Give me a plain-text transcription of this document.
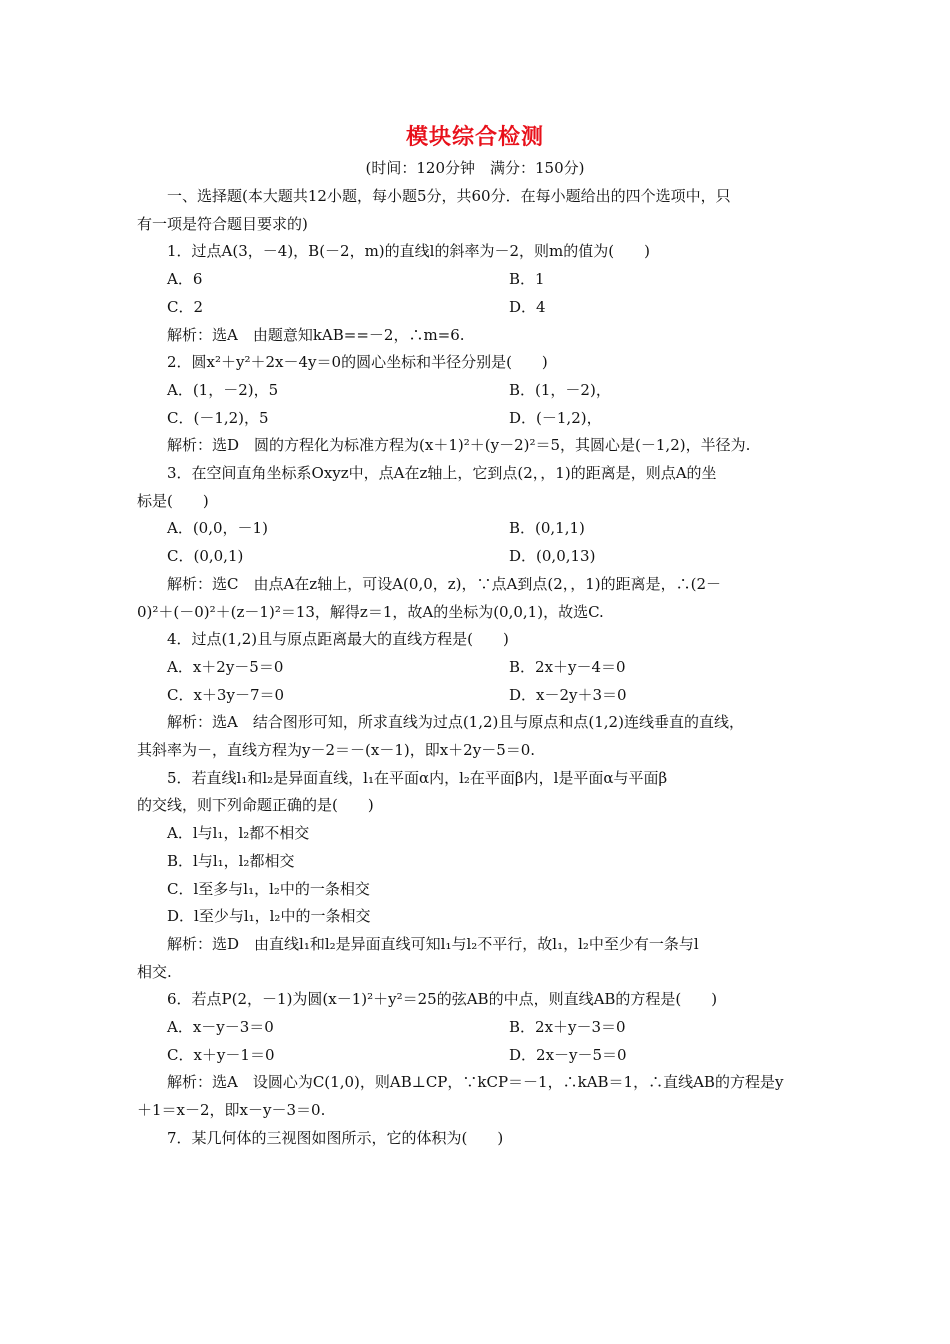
模块综合检测
(时间：120分钟　满分：150分)
一、选择题(本大题共12小题，每小题5分，共60分．在每小题给出的四个选项中，只
有一项是符合题目要求的)
1．过点A(3，－4)，B(－2，m)的直线l的斜率为－2，则m的值为(　　)
A．6	B．1
C．2	D．4
解析：选A　由题意知kAB==－2，∴m=6.
2．圆x²＋y²＋2x－4y＝0的圆心坐标和半径分别是(　　)
A．(1，－2)，5	B．(1，－2)，
C．(－1,2)，5	D．(－1,2)，
解析：选D　圆的方程化为标准方程为(x＋1)²＋(y－2)²＝5，其圆心是(－1,2)，半径为.
3．在空间直角坐标系Oxyz中，点A在z轴上，它到点(2，，1)的距离是，则点A的坐
标是(　　)
A．(0,0，－1)	B．(0,1,1)
C．(0,0,1)	D．(0,0,13)
解析：选C　由点A在z轴上，可设A(0,0，z)，∵点A到点(2，，1)的距离是，∴(2－
0)²＋(－0)²＋(z－1)²＝13，解得z＝1，故A的坐标为(0,0,1)，故选C.
4．过点(1,2)且与原点距离最大的直线方程是(　　)
A．x＋2y－5＝0	B．2x＋y－4＝0
C．x＋3y－7＝0	D．x－2y＋3＝0
解析：选A　结合图形可知，所求直线为过点(1,2)且与原点和点(1,2)连线垂直的直线，
其斜率为－，直线方程为y－2＝－(x－1)，即x＋2y－5＝0.
5．若直线l₁和l₂是异面直线，l₁在平面α内，l₂在平面β内，l是平面α与平面β
的交线，则下列命题正确的是(　　)
A．l与l₁，l₂都不相交
B．l与l₁，l₂都相交
C．l至多与l₁，l₂中的一条相交
D．l至少与l₁，l₂中的一条相交
解析：选D　由直线l₁和l₂是异面直线可知l₁与l₂不平行，故l₁，l₂中至少有一条与l
相交.
6．若点P(2，－1)为圆(x－1)²＋y²＝25的弦AB的中点，则直线AB的方程是(　　)
A．x－y－3＝0	B．2x＋y－3＝0
C．x＋y－1＝0	D．2x－y－5＝0
解析：选A　设圆心为C(1,0)，则AB⊥CP，∵kCP＝－1，∴kAB＝1，∴直线AB的方程是y
＋1＝x－2，即x－y－3＝0.
7．某几何体的三视图如图所示，它的体积为(　　)
